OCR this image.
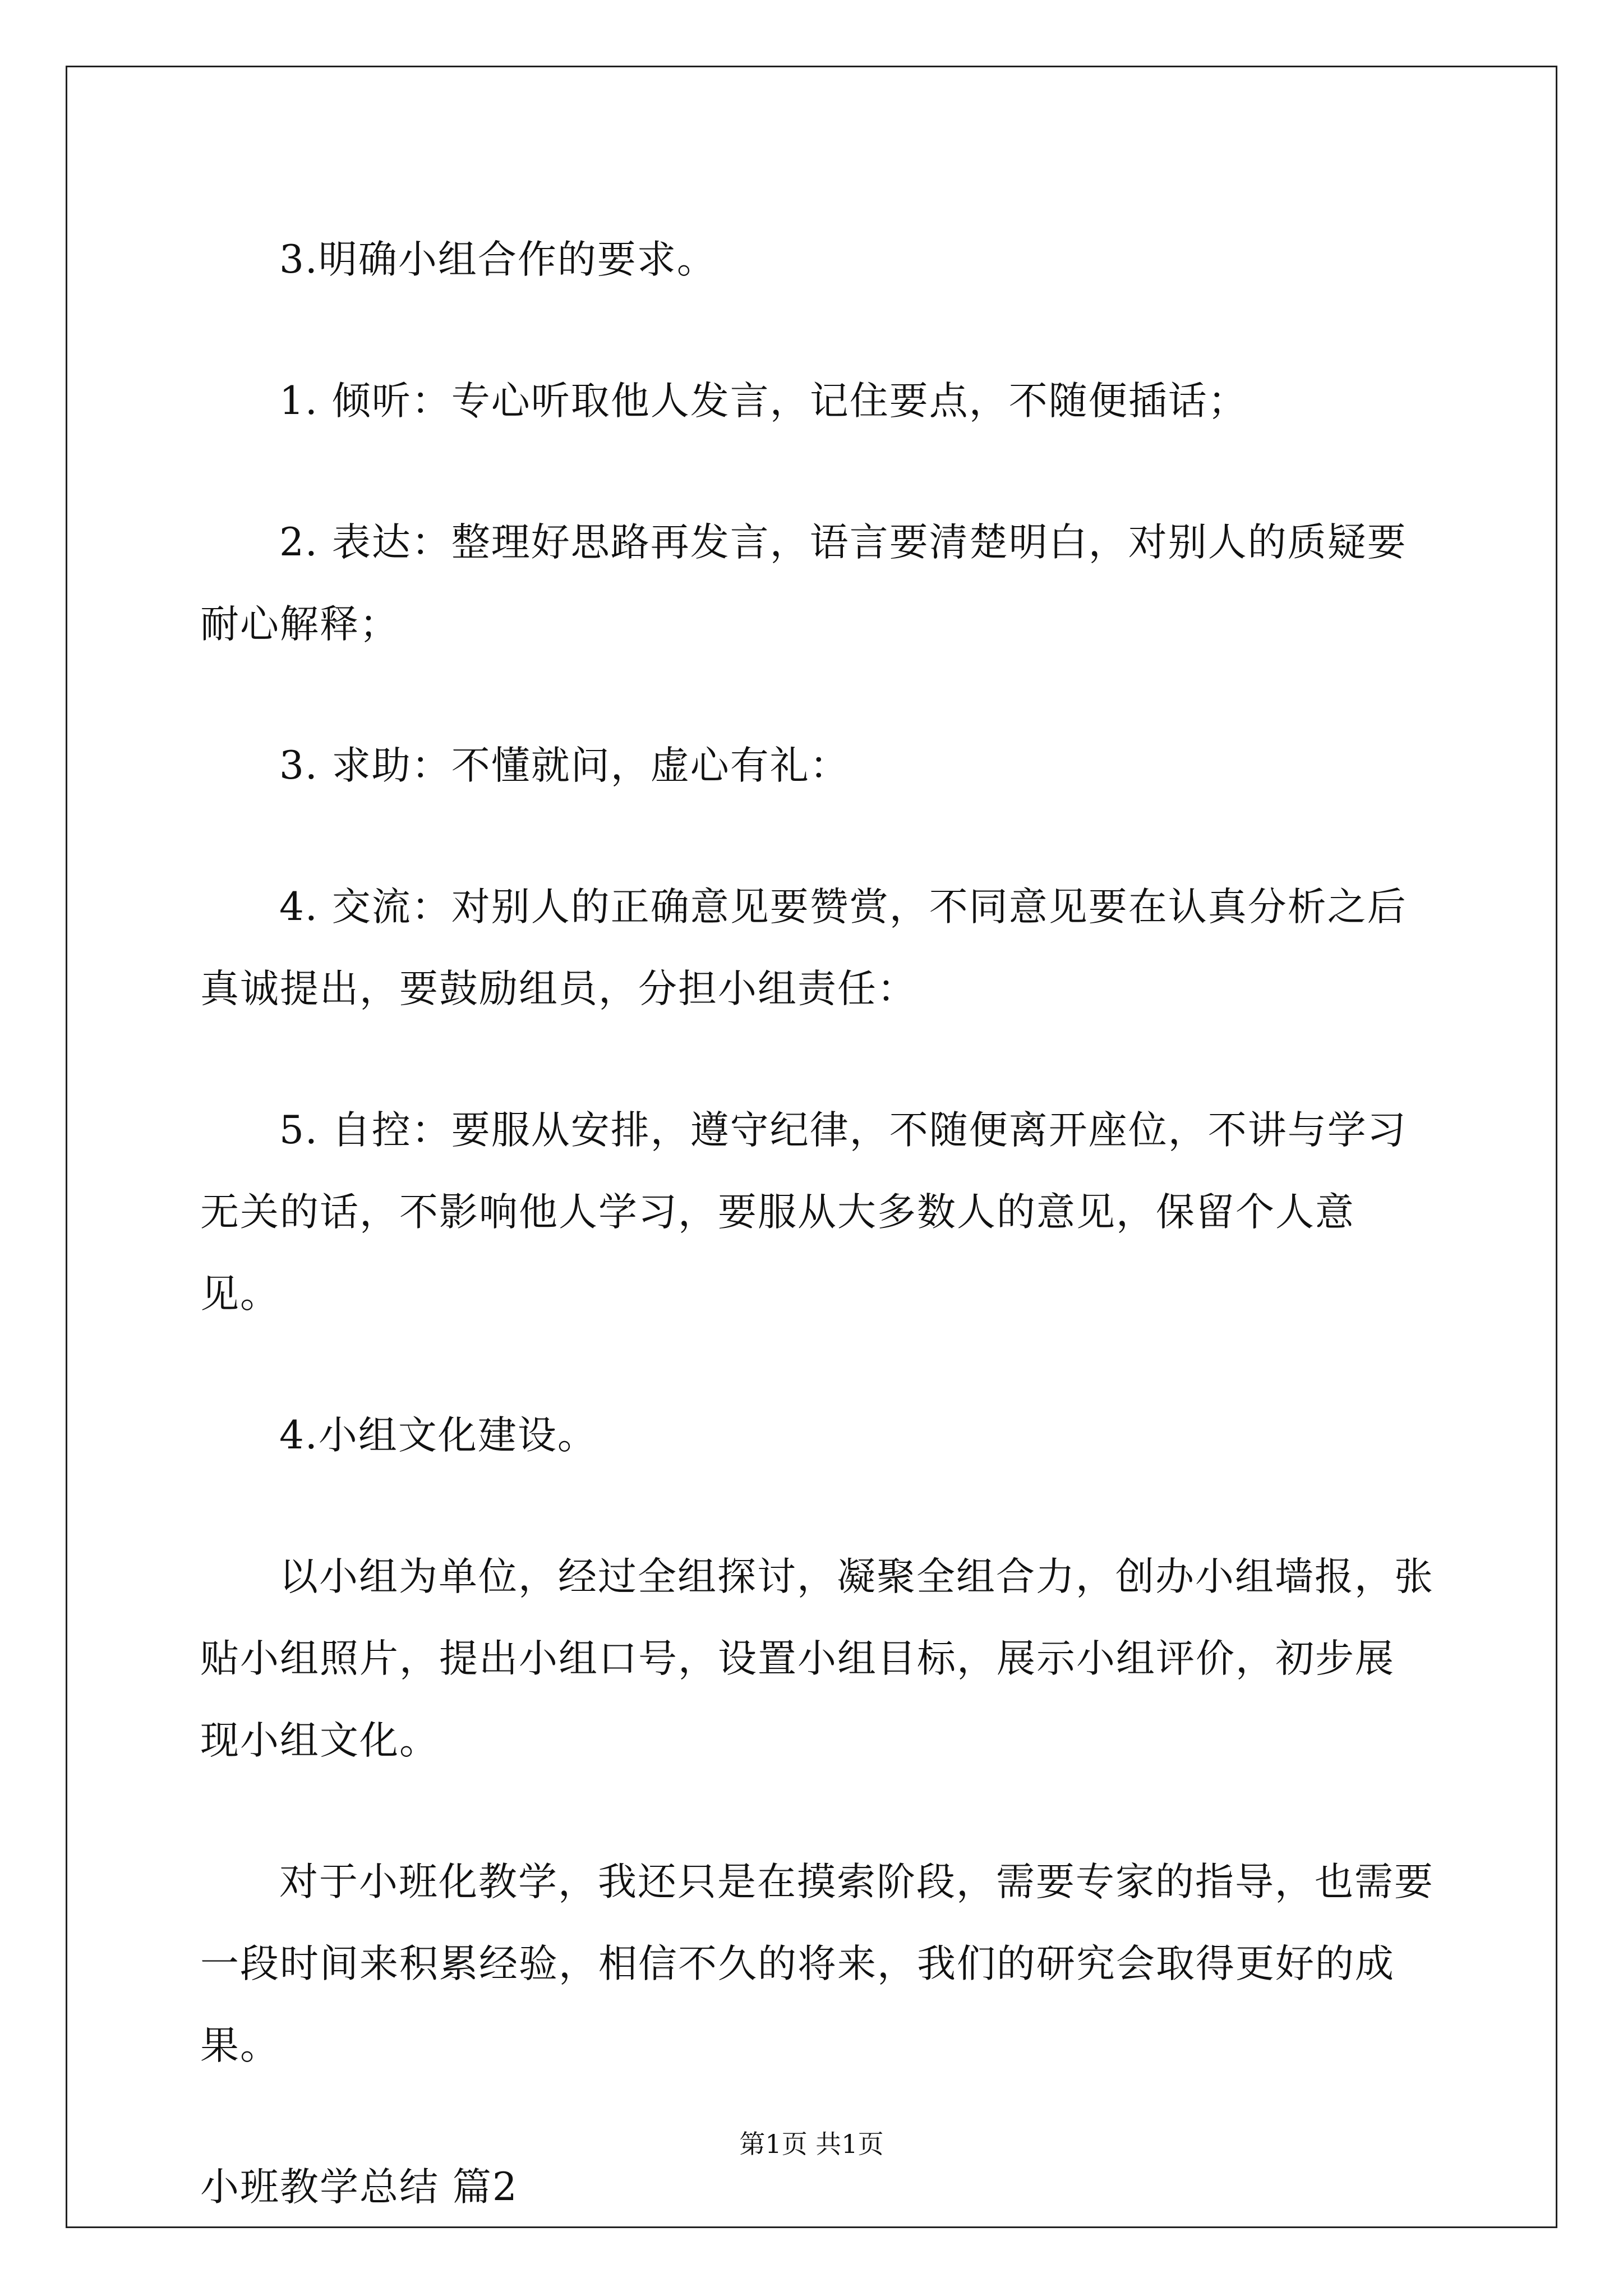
3.明确小组合作的要求。

1. 倾听：专心听取他人发言，记住要点，不随便插话；

2. 表达：整理好思路再发言，语言要清楚明白，对别人的质疑要耐心解释；

3. 求助：不懂就问，虚心有礼：

4. 交流：对别人的正确意见要赞赏，不同意见要在认真分析之后真诚提出，要鼓励组员，分担小组责任：

5. 自控：要服从安排，遵守纪律，不随便离开座位，不讲与学习无关的话，不影响他人学习，要服从大多数人的意见，保留个人意见。

4.小组文化建设。

以小组为单位，经过全组探讨，凝聚全组合力，创办小组墙报，张贴小组照片，提出小组口号，设置小组目标，展示小组评价，初步展现小组文化。

对于小班化教学，我还只是在摸索阶段，需要专家的指导，也需要一段时间来积累经验，相信不久的将来，我们的研究会取得更好的成果。

小班教学总结 篇2

第1页 共1页
